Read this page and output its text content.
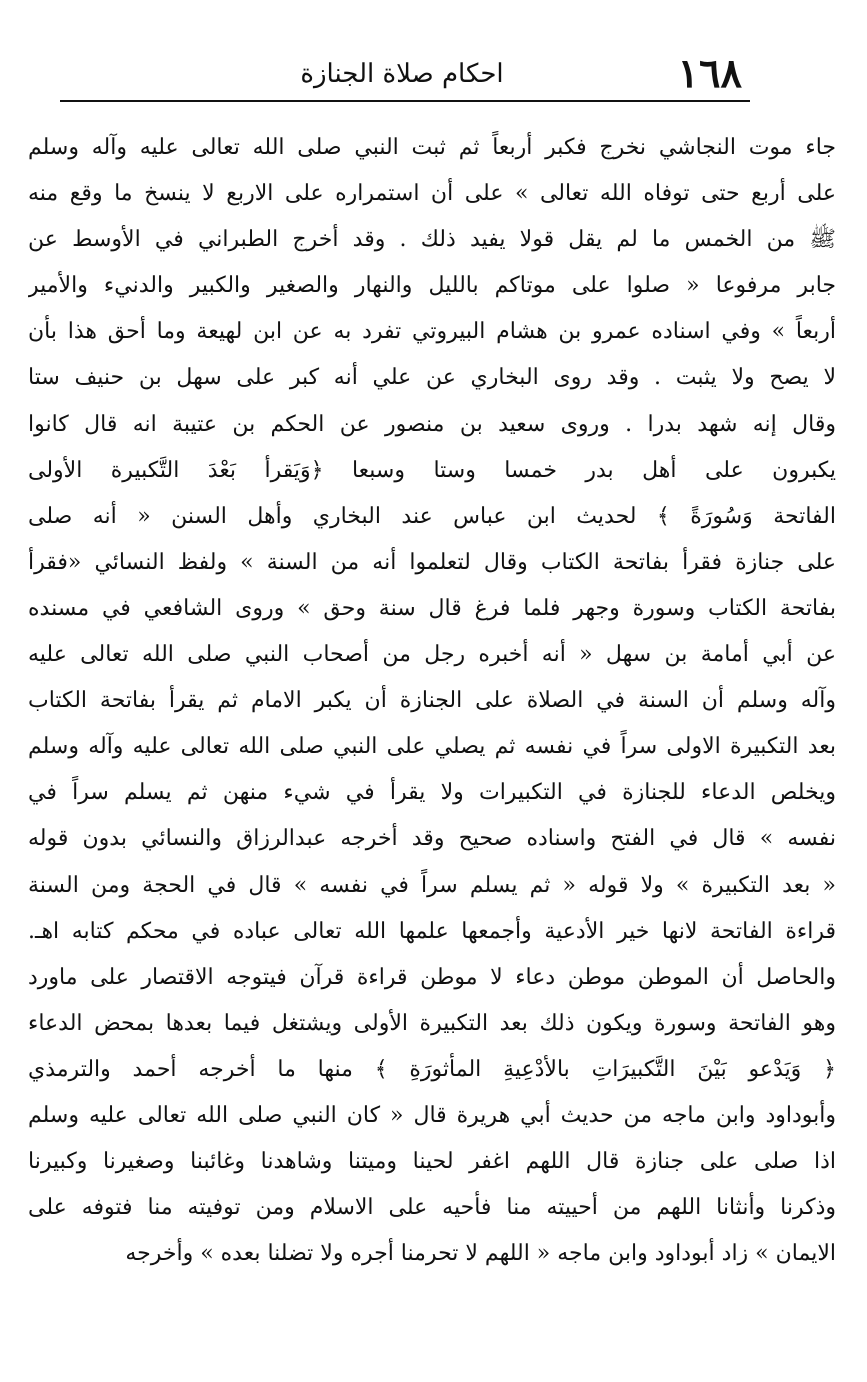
١٦٨
احكام صلاة الجنازة
جاء موت النجاشي نخرج فكبر أربعاً ثم ثبت النبي صلى الله تعالى عليه وآله وسلم
على أربع حتى توفاه الله تعالى » على أن استمراره على الاربع لا ينسخ ما وقع منه
ﷺ من الخمس ما لم يقل قولا يفيد ذلك . وقد أخرج الطبراني في الأوسط عن
جابر مرفوعا « صلوا على موتاكم بالليل والنهار والصغير والكبير والدنيء والأمير
أربعاً » وفي اسناده عمرو بن هشام البيروتي تفرد به عن ابن لهيعة وما أحق هذا بأن
لا يصح ولا يثبت . وقد روى البخاري عن علي أنه كبر على سهل بن حنيف ستا
وقال إنه شهد بدرا . وروى سعيد بن منصور عن الحكم بن عتيبة انه قال كانوا
يكبرون على أهل بدر خمسا وستا وسبعا ﴿وَيَقرأ بَعْدَ التَّكبيرة الأولى
الفاتحة وَسُورَةً ﴾ لحديث ابن عباس عند البخاري وأهل السنن « أنه صلى
على جنازة فقرأ بفاتحة الكتاب وقال لتعلموا أنه من السنة » ولفظ النسائي «فقرأ
بفاتحة الكتاب وسورة وجهر فلما فرغ قال سنة وحق » وروى الشافعي في مسنده
عن أبي أمامة بن سهل « أنه أخبره رجل من أصحاب النبي صلى الله تعالى عليه
وآله وسلم أن السنة في الصلاة على الجنازة أن يكبر الامام ثم يقرأ بفاتحة الكتاب
بعد التكبيرة الاولى سراً في نفسه ثم يصلي على النبي صلى الله تعالى عليه وآله وسلم
ويخلص الدعاء للجنازة في التكبيرات ولا يقرأ في شيء منهن ثم يسلم سراً في
نفسه » قال في الفتح واسناده صحيح وقد أخرجه عبدالرزاق والنسائي بدون قوله
« بعد التكبيرة » ولا قوله « ثم يسلم سراً في نفسه » قال في الحجة ومن السنة
قراءة الفاتحة لانها خير الأدعية وأجمعها علمها الله تعالى عباده في محكم كتابه اهـ.
والحاصل أن الموطن موطن دعاء لا موطن قراءة قرآن فيتوجه الاقتصار على ماورد
وهو الفاتحة وسورة ويكون ذلك بعد التكبيرة الأولى ويشتغل فيما بعدها بمحض الدعاء
﴿ وَيَدْعو بَيْنَ التَّكبيرَاتِ بالأدْعِيةِ المأثورَةِ ﴾ منها ما أخرجه أحمد والترمذي
وأبوداود وابن ماجه من حديث أبي هريرة قال « كان النبي صلى الله تعالى عليه وسلم
اذا صلى على جنازة قال اللهم اغفر لحينا وميتنا وشاهدنا وغائبنا وصغيرنا وكبيرنا
وذكرنا وأنثانا اللهم من أحييته منا فأحيه على الاسلام ومن توفيته منا فتوفه على
الايمان » زاد أبوداود وابن ماجه « اللهم لا تحرمنا أجره ولا تضلنا بعده » وأخرجه
